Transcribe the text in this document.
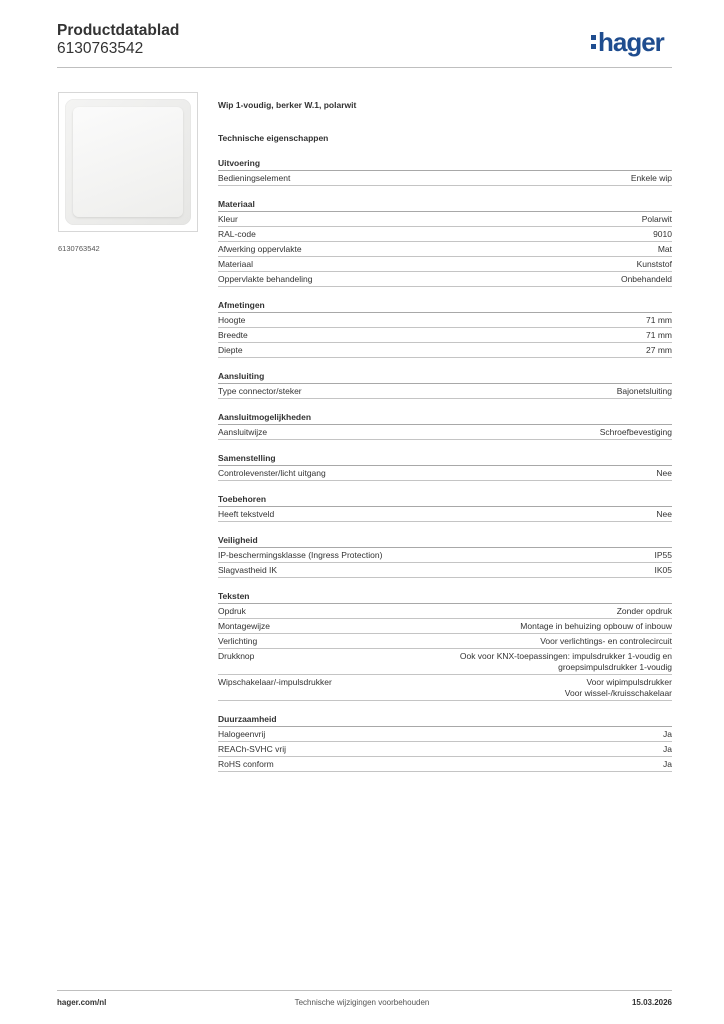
Productdatablad
6130763542	hager
6130763542
Wip 1-voudig, berker W.1, polarwit
Technische eigenschappen
Uitvoering
Bedieningselement	Enkele wip
Materiaal
Kleur	Polarwit
RAL-code	9010
Afwerking oppervlakte	Mat
Materiaal	Kunststof
Oppervlakte behandeling	Onbehandeld
Afmetingen
Hoogte	71 mm
Breedte	71 mm
Diepte	27 mm
Aansluiting
Type connector/steker	Bajonetsluiting
Aansluitmogelijkheden
Aansluitwijze	Schroefbevestiging
Samenstelling
Controlevenster/licht uitgang	Nee
Toebehoren
Heeft tekstveld	Nee
Veiligheid
IP-beschermingsklasse (Ingress Protection)	IP55
Slagvastheid IK	IK05
Teksten
Opdruk	Zonder opdruk
Montagewijze	Montage in behuizing opbouw of inbouw
Verlichting	Voor verlichtings- en controlecircuit
Drukknop	Ook voor KNX-toepassingen: impulsdrukker 1-voudig en
groepsimpulsdrukker 1-voudig
Wipschakelaar/-impulsdrukker	Voor wipimpulsdrukker
Voor wissel-/kruisschakelaar
Duurzaamheid
Halogeenvrij	Ja
REACh-SVHC vrij	Ja
RoHS conform	Ja
hager.com/nl	Technische wijzigingen voorbehouden	15.03.2026
